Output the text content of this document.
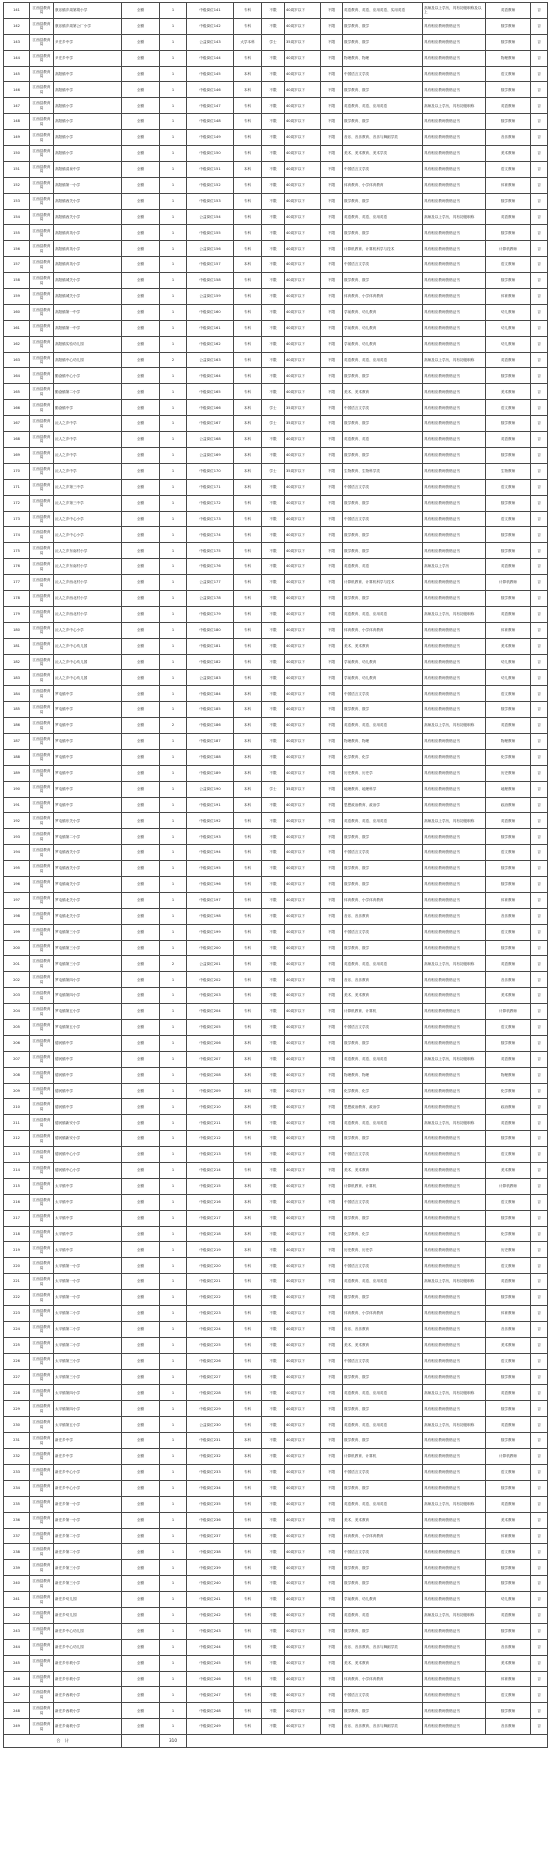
141	江西县教育局	康乐镇乡周第胡小学	全额	1	中级岗位141	专科	不限	40周岁以下	不限	英语教育、英语、应用英语、实用英语	高师及以上学历，具有初级职称及以上	英语教师	否
142	江西县教育局	康乐镇乡周第公厂小学	全额	1	中级岗位142	专科	不限	40周岁以下	不限	数学教育、数学	具有相应教师资格证书	数学教师	否
143	江西县教育局	尹庄乡中学	全额	1	公益岗位143	大学本科	学士	35周岁以下	不限	数学教育、数学	具有相应教师资格证书	数学教师	否
144	江西县教育局	尹庄乡中学	全额	1	中级岗位144	专科	不限	40周岁以下	不限	物理教育、物理	具有相应教师资格证书	物理教师	否
145	江西县教育局	高阳镇中学	全额	1	中级岗位145	本科	不限	40周岁以下	不限	中国语言文学类	具有相应教师资格证书	语文教师	否
146	江西县教育局	高阳镇中学	全额	1	中级岗位146	本科	不限	40周岁以下	不限	数学教育、数学	具有相应教师资格证书	数学教师	否
147	江西县教育局	高阳镇小学	全额	1	中级岗位147	专科	不限	40周岁以下	不限	英语教育、英语、应用英语	高师及以上学历，具有初级职称	英语教师	否
148	江西县教育局	高阳镇小学	全额	1	中级岗位148	专科	不限	40周岁以下	不限	数学教育、数学	具有相应教师资格证书	数学教师	否
149	江西县教育局	高阳镇小学	全额	1	中级岗位149	专科	不限	40周岁以下	不限	音乐、音乐教育、音乐与舞蹈学类	具有相应教师资格证书	音乐教师	否
150	江西县教育局	高阳镇小学	全额	1	中级岗位150	专科	不限	40周岁以下	不限	美术、美术教育、美术学类	具有相应教师资格证书	美术教师	否
151	江西县教育局	高阳镇清泉中学	全额	1	中级岗位151	本科	不限	40周岁以下	不限	中国语言文学类	具有相应教师资格证书	语文教师	否
152	江西县教育局	高阳镇第一小学	全额	1	中级岗位152	专科	不限	40周岁以下	不限	体育教育、小学体育教育	具有相应教师资格证书	体育教师	否
153	江西县教育局	高阳镇西关小学	全额	1	中级岗位153	专科	不限	40周岁以下	不限	数学教育、数学	具有相应教师资格证书	数学教师	否
154	江西县教育局	高阳镇西关小学	全额	1	公益岗位154	专科	不限	40周岁以下	不限	英语教育、英语、应用英语	高师及以上学历，具有初级职称	英语教师	否
155	江西县教育局	高阳镇育英小学	全额	1	中级岗位155	专科	不限	40周岁以下	不限	数学教育、数学	具有相应教师资格证书	数学教师	否
156	江西县教育局	高阳镇育英小学	全额	1	公益岗位156	专科	不限	40周岁以下	不限	计算机教育、计算机科学与技术	具有相应教师资格证书	计算机教师	否
157	江西县教育局	高阳镇育英小学	全额	1	中级岗位157	本科	不限	40周岁以下	不限	中国语言文学类	具有相应教师资格证书	语文教师	否
158	江西县教育局	高阳镇城关小学	全额	1	中级岗位158	专科	不限	40周岁以下	不限	数学教育、数学	具有相应教师资格证书	数学教师	否
159	江西县教育局	高阳镇城关小学	全额	1	公益岗位159	专科	不限	40周岁以下	不限	体育教育、小学体育教育	具有相应教师资格证书	体育教师	否
160	江西县教育局	高阳镇第一中学	全额	1	中级岗位160	专科	不限	40周岁以下	不限	学前教育、幼儿教育	具有相应教师资格证书	幼儿教师	否
161	江西县教育局	高阳镇第一中学	全额	1	中级岗位161	专科	不限	40周岁以下	不限	学前教育、幼儿教育	具有相应教师资格证书	幼儿教师	否
162	江西县教育局	高阳镇实验幼儿园	全额	1	中级岗位162	专科	不限	40周岁以下	不限	学前教育、幼儿教育	具有相应教师资格证书	幼儿教师	否
163	江西县教育局	高阳镇中心幼儿园	全额	2	公益岗位163	专科	不限	40周岁以下	不限	英语教育、英语、应用英语	高师及以上学历，具有初级职称	英语教师	否
164	江西县教育局	勤奋镇中心小学	全额	1	中级岗位164	专科	不限	40周岁以下	不限	数学教育、数学	具有相应教师资格证书	数学教师	否
165	江西县教育局	勤奋镇第二小学	全额	1	中级岗位165	专科	不限	40周岁以下	不限	美术、美术教育	具有相应教师资格证书	美术教师	否
166	江西县教育局	勤奋镇中学	全额	1	中级岗位166	本科	学士	35周岁以下	不限	中国语言文学类	具有相应教师资格证书	语文教师	否
167	江西县教育局	沅人之乡中学	全额	1	中级岗位167	本科	学士	35周岁以下	不限	数学教育、数学	具有相应教师资格证书	数学教师	否
168	江西县教育局	沅人之乡中学	全额	1	公益岗位168	本科	不限	40周岁以下	不限	英语教育、英语	具有相应教师资格证书	英语教师	否
169	江西县教育局	沅人之乡中学	全额	1	公益岗位169	本科	不限	40周岁以下	不限	数学教育、数学	具有相应教师资格证书	数学教师	否
170	江西县教育局	沅人之乡中学	全额	1	中级岗位170	本科	学士	35周岁以下	不限	生物教育、生物科学类	具有相应教师资格证书	生物教师	否
171	江西县教育局	沅人之乡第三中学	全额	1	中级岗位171	本科	不限	40周岁以下	不限	中国语言文学类	具有相应教师资格证书	语文教师	否
172	江西县教育局	沅人之乡第三中学	全额	1	中级岗位172	专科	不限	40周岁以下	不限	数学教育、数学	具有相应教师资格证书	数学教师	否
173	江西县教育局	沅人之乡中心小学	全额	1	中级岗位173	专科	不限	40周岁以下	不限	中国语言文学类	具有相应教师资格证书	语文教师	否
174	江西县教育局	沅人之乡中心小学	全额	1	中级岗位174	专科	不限	40周岁以下	不限	数学教育、数学	具有相应教师资格证书	数学教师	否
175	江西县教育局	沅人之乡东南村小学	全额	1	中级岗位175	专科	不限	40周岁以下	不限	数学教育、数学	具有相应教师资格证书	数学教师	否
176	江西县教育局	沅人之乡东南村小学	全额	1	中级岗位176	专科	不限	40周岁以下	不限	英语教育、英语	高师及以上学历	英语教师	否
177	江西县教育局	沅人之乡西北村小学	全额	1	公益岗位177	专科	不限	40周岁以下	不限	计算机教育、计算机科学与技术	具有相应教师资格证书	计算机教师	否
178	江西县教育局	沅人之乡西北村小学	全额	1	公益岗位178	专科	不限	40周岁以下	不限	数学教育、数学	具有相应教师资格证书	数学教师	否
179	江西县教育局	沅人之乡西北村小学	全额	1	中级岗位179	专科	不限	40周岁以下	不限	英语教育、英语、应用英语	高师及以上学历，具有初级职称	英语教师	否
180	江西县教育局	沅人之乡中心小学	全额	1	中级岗位180	专科	不限	40周岁以下	不限	体育教育、小学体育教育	具有相应教师资格证书	体育教师	否
181	江西县教育局	沅人之乡中心幼儿园	全额	1	中级岗位181	专科	不限	40周岁以下	不限	美术、美术教育	具有相应教师资格证书	美术教师	否
182	江西县教育局	沅人之乡中心幼儿园	全额	1	中级岗位182	专科	不限	40周岁以下	不限	学前教育、幼儿教育	具有相应教师资格证书	幼儿教师	否
183	江西县教育局	沅人之乡中心幼儿园	全额	1	公益岗位183	专科	不限	40周岁以下	不限	学前教育、幼儿教育	具有相应教师资格证书	幼儿教师	否
184	江西县教育局	罗屯镇中学	全额	1	中级岗位184	本科	不限	40周岁以下	不限	中国语言文学类	具有相应教师资格证书	语文教师	否
185	江西县教育局	罗屯镇中学	全额	1	中级岗位185	本科	不限	40周岁以下	不限	数学教育、数学	具有相应教师资格证书	数学教师	否
186	江西县教育局	罗屯镇中学	全额	2	中级岗位186	本科	不限	40周岁以下	不限	英语教育、英语、应用英语	高师及以上学历，具有初级职称	英语教师	否
187	江西县教育局	罗屯镇中学	全额	1	中级岗位187	本科	不限	40周岁以下	不限	物理教育、物理	具有相应教师资格证书	物理教师	否
188	江西县教育局	罗屯镇中学	全额	1	中级岗位188	本科	不限	40周岁以下	不限	化学教育、化学	具有相应教师资格证书	化学教师	否
189	江西县教育局	罗屯镇中学	全额	1	中级岗位189	本科	不限	40周岁以下	不限	历史教育、历史学	具有相应教师资格证书	历史教师	否
190	江西县教育局	罗屯镇中学	全额	1	公益岗位190	本科	学士	35周岁以下	不限	地理教育、地理科学	具有相应教师资格证书	地理教师	否
191	江西县教育局	罗屯镇中学	全额	1	中级岗位191	本科	不限	40周岁以下	不限	思想政治教育、政治学	具有相应教师资格证书	政治教师	否
192	江西县教育局	罗屯镇东关小学	全额	1	中级岗位192	专科	不限	40周岁以下	不限	英语教育、英语、应用英语	高师及以上学历，具有初级职称	英语教师	否
193	江西县教育局	罗屯镇第二小学	全额	1	中级岗位193	专科	不限	40周岁以下	不限	数学教育、数学	具有相应教师资格证书	数学教师	否
194	江西县教育局	罗屯镇西关小学	全额	1	中级岗位194	专科	不限	40周岁以下	不限	中国语言文学类	具有相应教师资格证书	语文教师	否
195	江西县教育局	罗屯镇西关小学	全额	1	中级岗位195	专科	不限	40周岁以下	不限	数学教育、数学	具有相应教师资格证书	数学教师	否
196	江西县教育局	罗屯镇南关小学	全额	1	中级岗位196	专科	不限	40周岁以下	不限	数学教育、数学	具有相应教师资格证书	数学教师	否
197	江西县教育局	罗屯镇北关小学	全额	1	中级岗位197	专科	不限	40周岁以下	不限	体育教育、小学体育教育	具有相应教师资格证书	体育教师	否
198	江西县教育局	罗屯镇北关小学	全额	1	中级岗位198	专科	不限	40周岁以下	不限	音乐、音乐教育	具有相应教师资格证书	音乐教师	否
199	江西县教育局	罗屯镇第三小学	全额	1	中级岗位199	专科	不限	40周岁以下	不限	中国语言文学类	具有相应教师资格证书	语文教师	否
200	江西县教育局	罗屯镇第三小学	全额	1	中级岗位200	专科	不限	40周岁以下	不限	数学教育、数学	具有相应教师资格证书	数学教师	否
201	江西县教育局	罗屯镇第三小学	全额	2	公益岗位201	专科	不限	40周岁以下	不限	英语教育、英语、应用英语	高师及以上学历，具有初级职称	英语教师	否
202	江西县教育局	罗屯镇第四小学	全额	1	中级岗位202	专科	不限	40周岁以下	不限	音乐、音乐教育	具有相应教师资格证书	音乐教师	否
203	江西县教育局	罗屯镇第四小学	全额	1	中级岗位203	专科	不限	40周岁以下	不限	美术、美术教育	具有相应教师资格证书	美术教师	否
204	江西县教育局	罗屯镇第五小学	全额	1	中级岗位204	专科	不限	40周岁以下	不限	计算机教育、计算机	具有相应教师资格证书	计算机教师	否
205	江西县教育局	罗屯镇第五小学	全额	1	中级岗位205	专科	不限	40周岁以下	不限	中国语言文学类	具有相应教师资格证书	语文教师	否
206	江西县教育局	德河镇中学	全额	1	中级岗位206	本科	不限	40周岁以下	不限	数学教育、数学	具有相应教师资格证书	数学教师	否
207	江西县教育局	德河镇中学	全额	1	中级岗位207	本科	不限	40周岁以下	不限	英语教育、英语、应用英语	高师及以上学历，具有初级职称	英语教师	否
208	江西县教育局	德河镇中学	全额	1	中级岗位208	本科	不限	40周岁以下	不限	物理教育、物理	具有相应教师资格证书	物理教师	否
209	江西县教育局	德河镇中学	全额	1	中级岗位209	本科	不限	40周岁以下	不限	化学教育、化学	具有相应教师资格证书	化学教师	否
210	江西县教育局	德河镇中学	全额	1	中级岗位210	本科	不限	40周岁以下	不限	思想政治教育、政治学	具有相应教师资格证书	政治教师	否
211	江西县教育局	德河镇新安小学	全额	1	中级岗位211	专科	不限	40周岁以下	不限	英语教育、英语、应用英语	高师及以上学历，具有初级职称	英语教师	否
212	江西县教育局	德河镇新安小学	全额	1	中级岗位212	专科	不限	40周岁以下	不限	数学教育、数学	具有相应教师资格证书	数学教师	否
213	江西县教育局	德河镇中心小学	全额	1	中级岗位213	专科	不限	40周岁以下	不限	中国语言文学类	具有相应教师资格证书	语文教师	否
214	江西县教育局	德河镇中心小学	全额	1	中级岗位214	专科	不限	40周岁以下	不限	美术、美术教育	具有相应教师资格证书	美术教师	否
215	江西县教育局	太平镇中学	全额	1	中级岗位215	本科	不限	40周岁以下	不限	计算机教育、计算机	具有相应教师资格证书	计算机教师	否
216	江西县教育局	太平镇中学	全额	1	中级岗位216	本科	不限	40周岁以下	不限	中国语言文学类	具有相应教师资格证书	语文教师	否
217	江西县教育局	太平镇中学	全额	1	中级岗位217	本科	不限	40周岁以下	不限	数学教育、数学	具有相应教师资格证书	数学教师	否
218	江西县教育局	太平镇中学	全额	1	中级岗位218	本科	不限	40周岁以下	不限	化学教育、化学	具有相应教师资格证书	化学教师	否
219	江西县教育局	太平镇中学	全额	1	中级岗位219	本科	不限	40周岁以下	不限	历史教育、历史学	具有相应教师资格证书	历史教师	否
220	江西县教育局	太平镇第一小学	全额	1	中级岗位220	专科	不限	40周岁以下	不限	中国语言文学类	具有相应教师资格证书	语文教师	否
221	江西县教育局	太平镇第一小学	全额	1	中级岗位221	专科	不限	40周岁以下	不限	英语教育、英语、应用英语	高师及以上学历，具有初级职称	英语教师	否
222	江西县教育局	太平镇第一小学	全额	1	中级岗位222	专科	不限	40周岁以下	不限	数学教育、数学	具有相应教师资格证书	数学教师	否
223	江西县教育局	太平镇第二小学	全额	1	中级岗位223	专科	不限	40周岁以下	不限	体育教育、小学体育教育	具有相应教师资格证书	体育教师	否
224	江西县教育局	太平镇第二小学	全额	1	中级岗位224	专科	不限	40周岁以下	不限	音乐、音乐教育	具有相应教师资格证书	音乐教师	否
225	江西县教育局	太平镇第二小学	全额	1	中级岗位225	专科	不限	40周岁以下	不限	美术、美术教育	具有相应教师资格证书	美术教师	否
226	江西县教育局	太平镇第三小学	全额	1	中级岗位226	专科	不限	40周岁以下	不限	中国语言文学类	具有相应教师资格证书	语文教师	否
227	江西县教育局	太平镇第三小学	全额	1	中级岗位227	专科	不限	40周岁以下	不限	数学教育、数学	具有相应教师资格证书	数学教师	否
228	江西县教育局	太平镇第四小学	全额	1	中级岗位228	专科	不限	40周岁以下	不限	英语教育、英语、应用英语	高师及以上学历，具有初级职称	英语教师	否
229	江西县教育局	太平镇第四小学	全额	1	中级岗位229	专科	不限	40周岁以下	不限	数学教育、数学	具有相应教师资格证书	数学教师	否
230	江西县教育局	太平镇第五小学	全额	1	公益岗位230	专科	不限	40周岁以下	不限	英语教育、英语、应用英语	高师及以上学历，具有初级职称	英语教师	否
231	江西县教育局	新庄乡中学	全额	1	中级岗位231	本科	不限	40周岁以下	不限	数学教育、数学	具有相应教师资格证书	数学教师	否
232	江西县教育局	新庄乡中学	全额	1	中级岗位232	本科	不限	40周岁以下	不限	计算机教育、计算机	具有相应教师资格证书	计算机教师	否
233	江西县教育局	新庄乡中心小学	全额	1	中级岗位233	专科	不限	40周岁以下	不限	中国语言文学类	具有相应教师资格证书	语文教师	否
234	江西县教育局	新庄乡中心小学	全额	1	中级岗位234	专科	不限	40周岁以下	不限	数学教育、数学	具有相应教师资格证书	数学教师	否
235	江西县教育局	新庄乡第一小学	全额	1	中级岗位235	专科	不限	40周岁以下	不限	英语教育、英语、应用英语	高师及以上学历，具有初级职称	英语教师	否
236	江西县教育局	新庄乡第一小学	全额	1	中级岗位236	专科	不限	40周岁以下	不限	美术、美术教育	具有相应教师资格证书	美术教师	否
237	江西县教育局	新庄乡第二小学	全额	1	中级岗位237	专科	不限	40周岁以下	不限	体育教育、小学体育教育	具有相应教师资格证书	体育教师	否
238	江西县教育局	新庄乡第二小学	全额	1	中级岗位238	专科	不限	40周岁以下	不限	中国语言文学类	具有相应教师资格证书	语文教师	否
239	江西县教育局	新庄乡第三小学	全额	1	中级岗位239	专科	不限	40周岁以下	不限	数学教育、数学	具有相应教师资格证书	数学教师	否
240	江西县教育局	新庄乡第三小学	全额	1	中级岗位240	专科	不限	40周岁以下	不限	数学教育、数学	具有相应教师资格证书	数学教师	否
241	江西县教育局	新庄乡幼儿园	全额	1	中级岗位241	专科	不限	40周岁以下	不限	学前教育、幼儿教育	具有相应教师资格证书	幼儿教师	否
242	江西县教育局	新庄乡幼儿园	全额	1	中级岗位242	专科	不限	40周岁以下	不限	英语教育、英语	高师及以上学历，具有初级职称	英语教师	否
243	江西县教育局	新庄乡中心幼儿园	全额	1	中级岗位243	专科	不限	40周岁以下	不限	数学教育、数学	具有相应教师资格证书	数学教师	否
244	江西县教育局	新庄乡中心幼儿园	全额	1	中级岗位244	专科	不限	40周岁以下	不限	音乐、音乐教育、音乐与舞蹈学类	具有相应教师资格证书	音乐教师	否
245	江西县教育局	新庄乡东坡小学	全额	1	中级岗位245	专科	不限	40周岁以下	不限	美术、美术教育	具有相应教师资格证书	美术教师	否
246	江西县教育局	新庄乡东坡小学	全额	1	中级岗位246	专科	不限	40周岁以下	不限	体育教育、小学体育教育	具有相应教师资格证书	体育教师	否
247	江西县教育局	新庄乡西坡小学	全额	1	中级岗位247	专科	不限	40周岁以下	不限	中国语言文学类	具有相应教师资格证书	语文教师	否
248	江西县教育局	新庄乡西坡小学	全额	1	中级岗位248	专科	不限	40周岁以下	不限	数学教育、数学	具有相应教师资格证书	数学教师	否
249	江西县教育局	新庄乡南坡小学	全额	1	中级岗位249	专科	不限	40周岁以下	不限	音乐、音乐教育、音乐与舞蹈学类	具有相应教师资格证书	音乐教师	否
合　计				310									
